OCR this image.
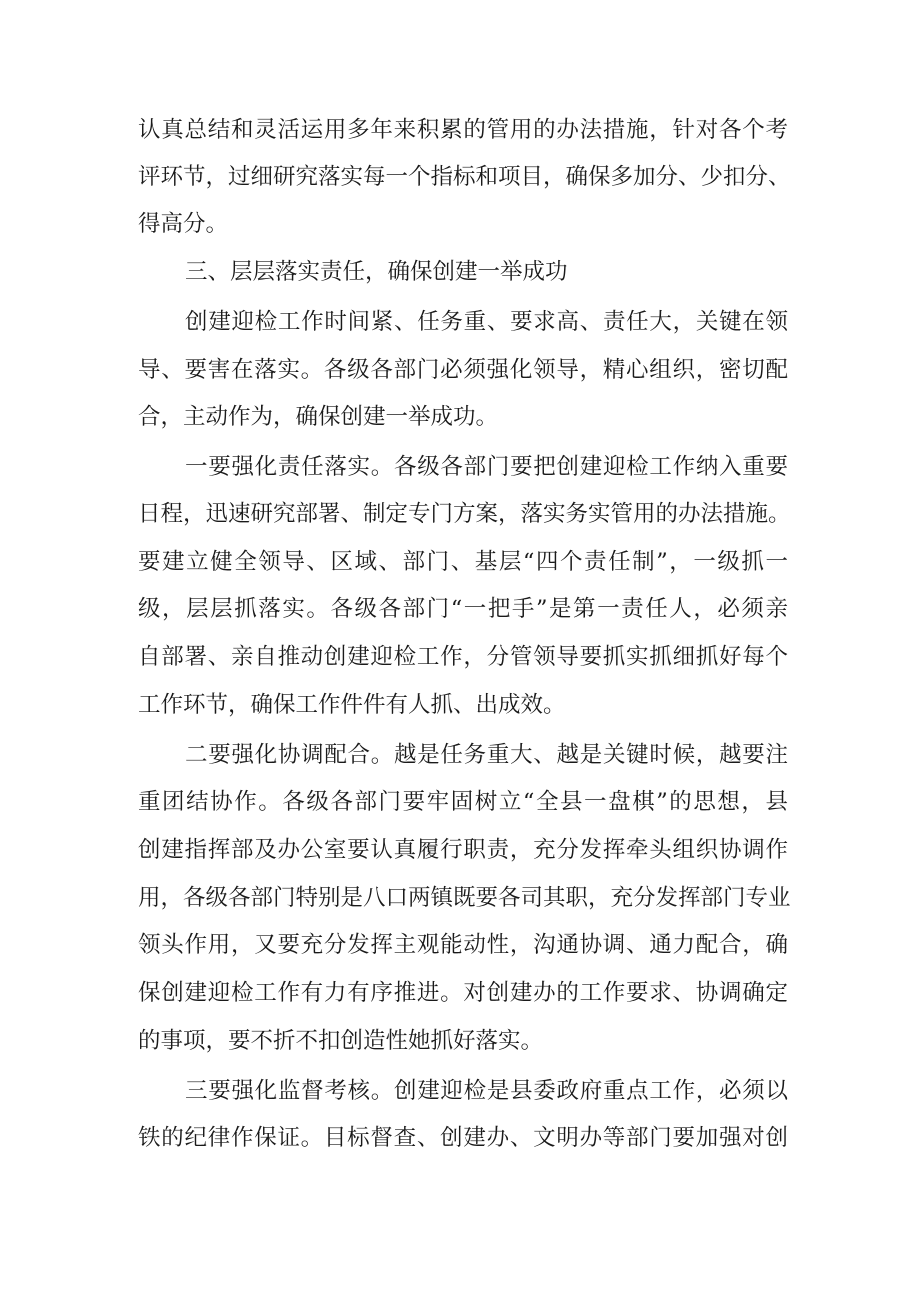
认真总结和灵活运用多年来积累的管用的办法措施，针对各个考

评环节，过细研究落实每一个指标和项目，确保多加分、少扣分、

得高分。

三、层层落实责任，确保创建一举成功

创建迎检工作时间紧、任务重、要求高、责任大，关键在领

导、要害在落实。各级各部门必须强化领导，精心组织，密切配

合，主动作为，确保创建一举成功。

一要强化责任落实。各级各部门要把创建迎检工作纳入重要

日程，迅速研究部署、制定专门方案，落实务实管用的办法措施。

要建立健全领导、区域、部门、基层“四个责任制”，一级抓一

级，层层抓落实。各级各部门“一把手”是第一责任人，必须亲

自部署、亲自推动创建迎检工作，分管领导要抓实抓细抓好每个

工作环节，确保工作件件有人抓、出成效。

二要强化协调配合。越是任务重大、越是关键时候，越要注

重团结协作。各级各部门要牢固树立“全县一盘棋”的思想，县

创建指挥部及办公室要认真履行职责，充分发挥牵头组织协调作

用，各级各部门特别是八口两镇既要各司其职，充分发挥部门专业

领头作用，又要充分发挥主观能动性，沟通协调、通力配合，确

保创建迎检工作有力有序推进。对创建办的工作要求、协调确定

的事项，要不折不扣创造性她抓好落实。

三要强化监督考核。创建迎检是县委政府重点工作，必须以

铁的纪律作保证。目标督查、创建办、文明办等部门要加强对创
